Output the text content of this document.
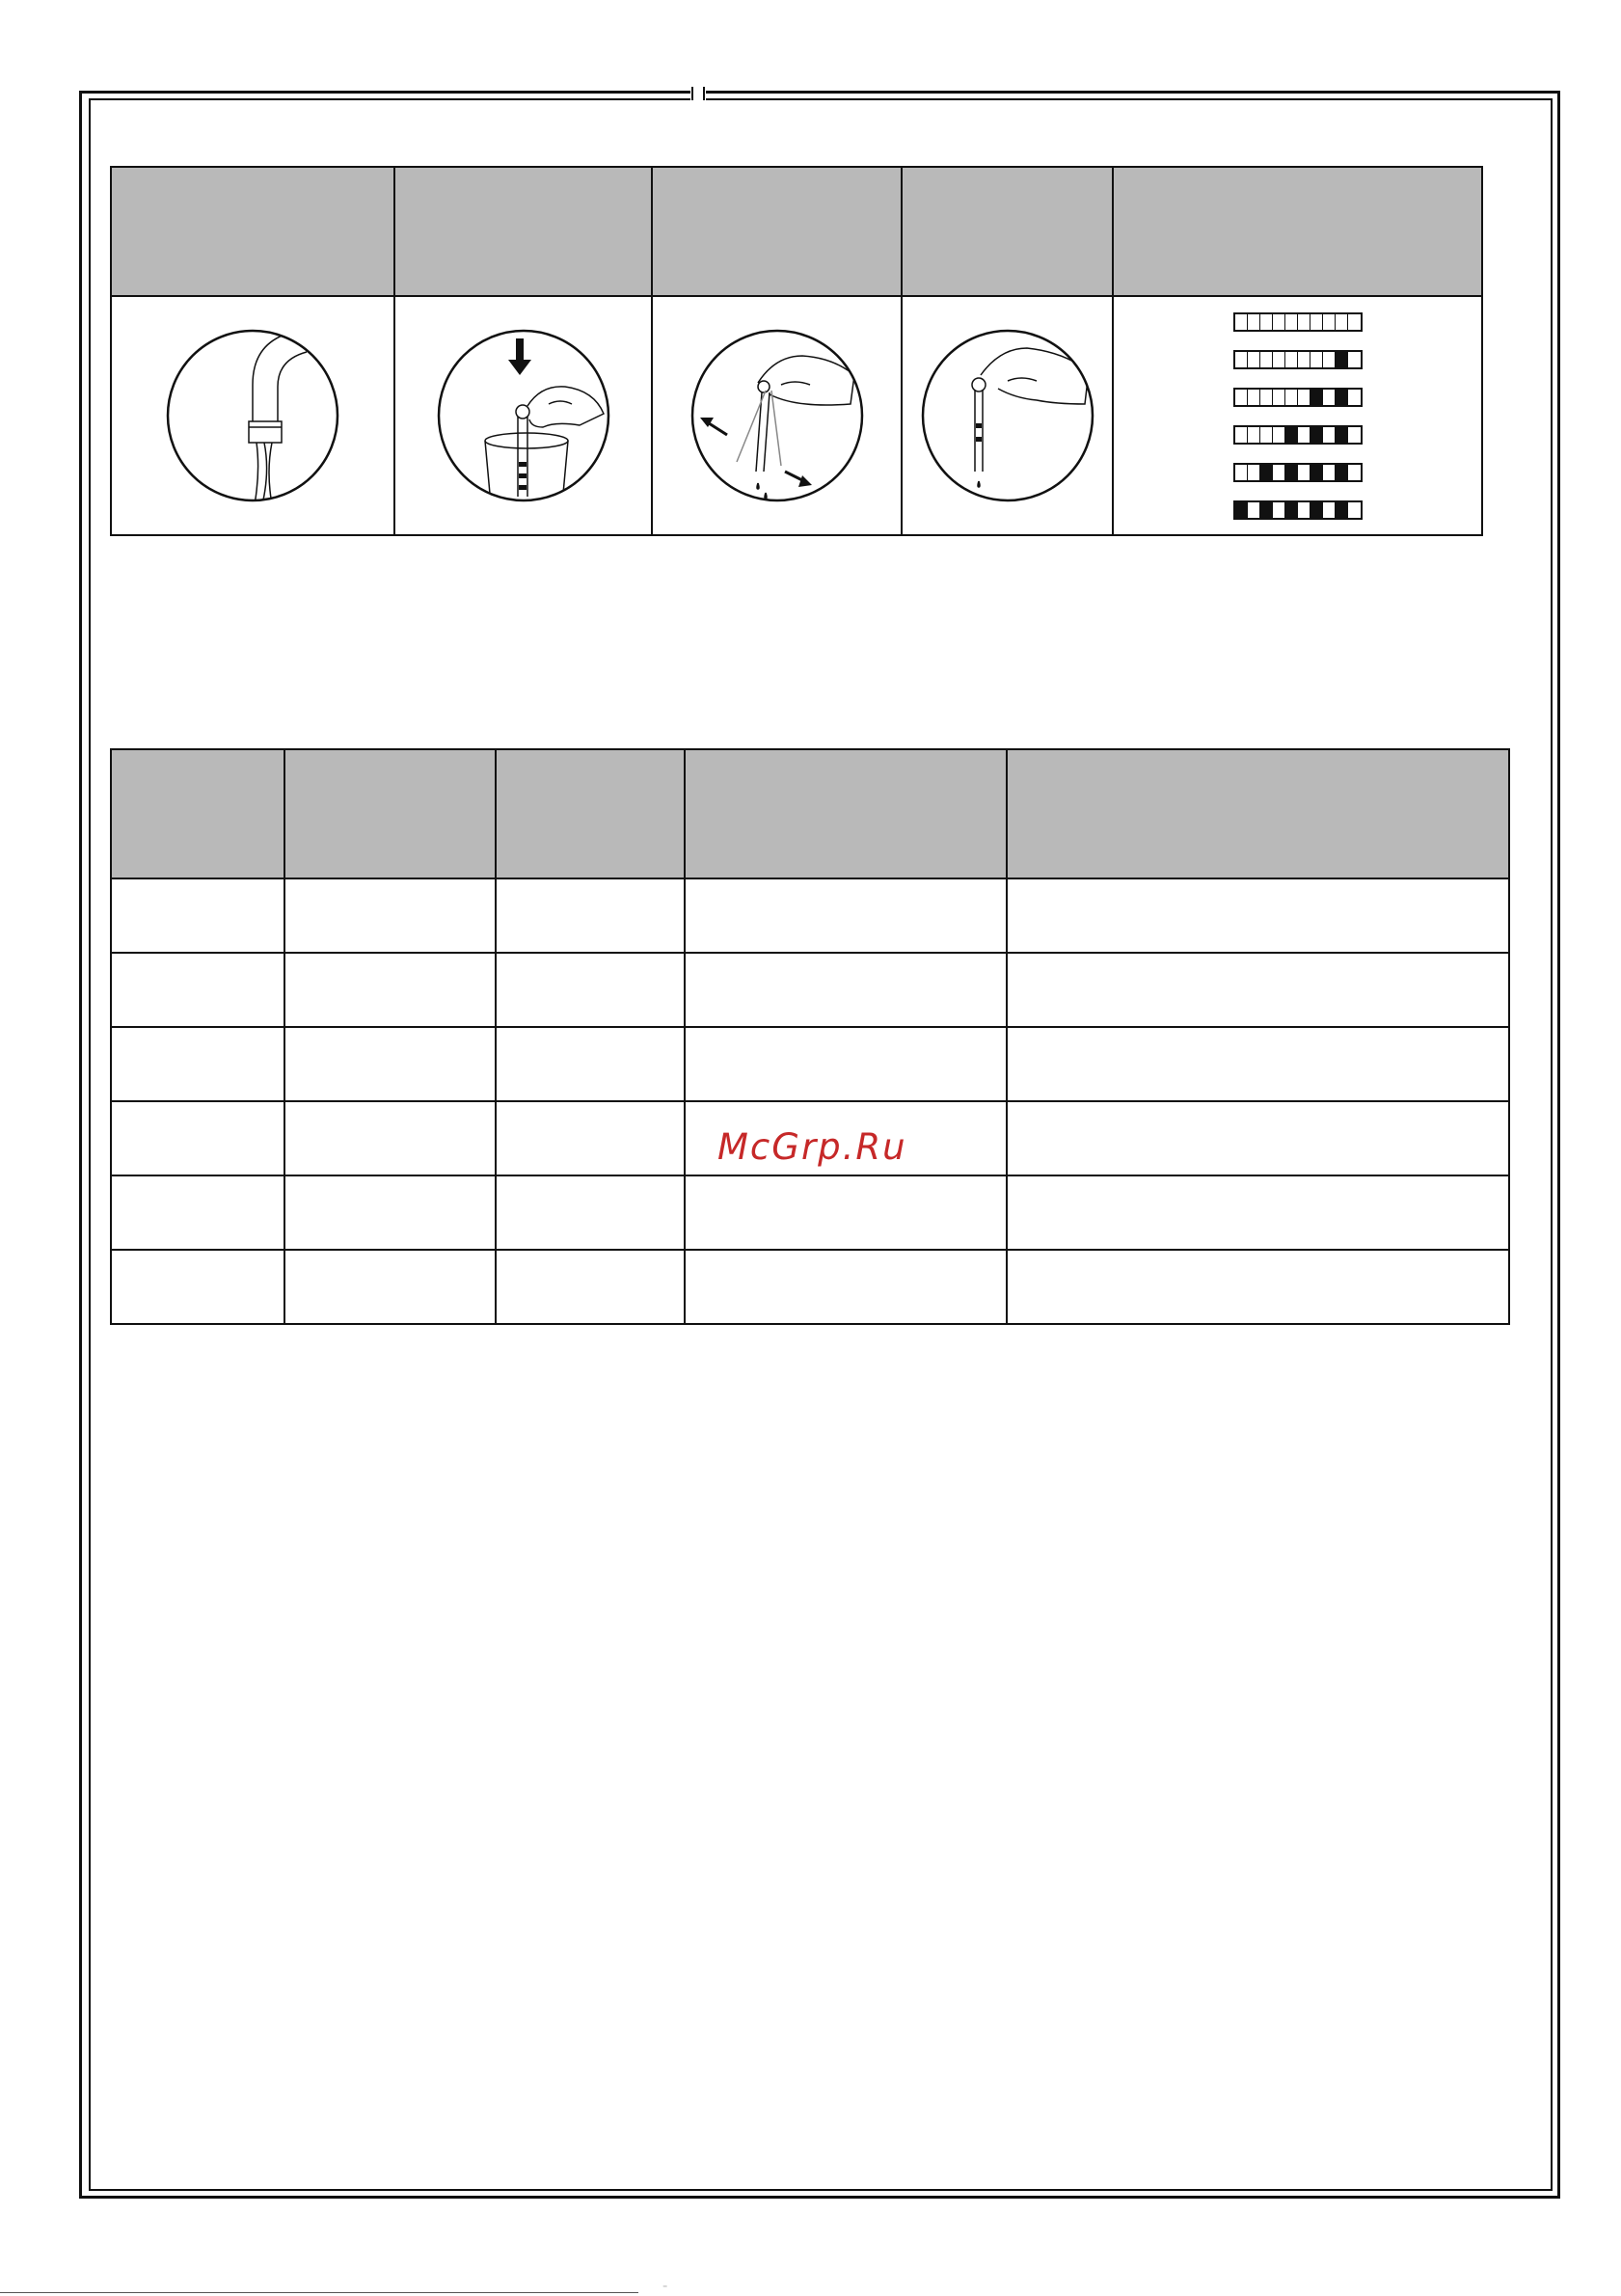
McGrp.Ru
⁻
